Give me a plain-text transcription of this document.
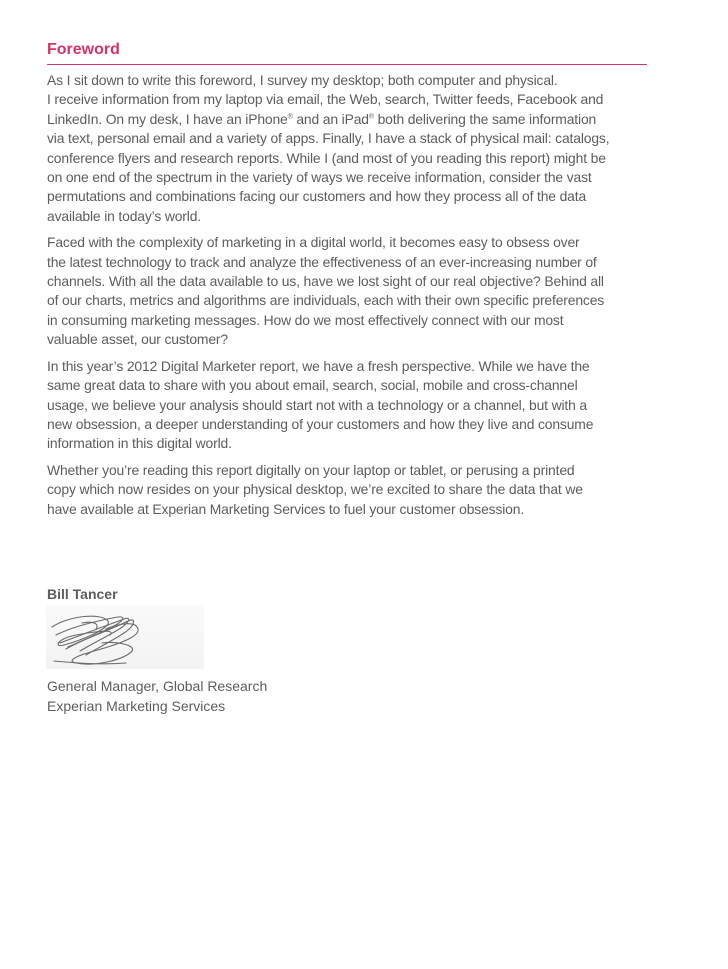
Foreword

As I sit down to write this foreword, I survey my desktop; both computer and physical.
I receive information from my laptop via email, the Web, search, Twitter feeds, Facebook and
LinkedIn. On my desk, I have an iPhone® and an iPad® both delivering the same information
via text, personal email and a variety of apps. Finally, I have a stack of physical mail: catalogs,
conference flyers and research reports. While I (and most of you reading this report) might be
on one end of the spectrum in the variety of ways we receive information, consider the vast
permutations and combinations facing our customers and how they process all of the data
available in today’s world.

Faced with the complexity of marketing in a digital world, it becomes easy to obsess over
the latest technology to track and analyze the effectiveness of an ever-increasing number of
channels. With all the data available to us, have we lost sight of our real objective? Behind all
of our charts, metrics and algorithms are individuals, each with their own specific preferences
in consuming marketing messages. How do we most effectively connect with our most
valuable asset, our customer?

In this year’s 2012 Digital Marketer report, we have a fresh perspective. While we have the
same great data to share with you about email, search, social, mobile and cross-channel
usage, we believe your analysis should start not with a technology or a channel, but with a
new obsession, a deeper understanding of your customers and how they live and consume
information in this digital world.

Whether you’re reading this report digitally on your laptop or tablet, or perusing a printed
copy which now resides on your physical desktop, we’re excited to share the data that we
have available at Experian Marketing Services to fuel your customer obsession.

Bill Tancer

General Manager, Global Research
Experian Marketing Services
